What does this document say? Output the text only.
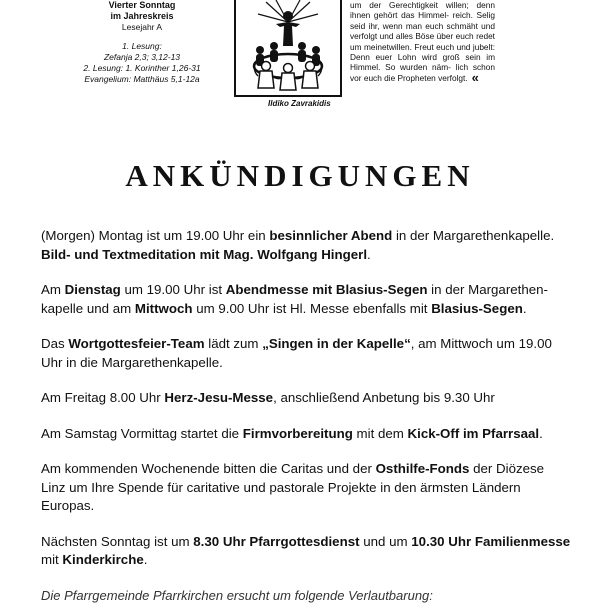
Vierter Sonntag
im Jahreskreis
Lesejahr A
1. Lesung:
Zefanja 2,3; 3,12-13
2. Lesung: 1. Korinther 1,26-31
Evangelium: Matthäus 5,1-12a
Ildiko Zavrakidis
um der Gerechtigkeit willen; denn ihnen gehört das Himmel- reich. Selig seid ihr, wenn man euch schmäht und verfolgt und alles Böse über euch redet um meinetwillen. Freut euch und jubelt: Denn euer Lohn wird groß sein im Himmel. So wurden näm- lich schon vor euch die Propheten verfolgt. «
ANKÜNDIGUNGEN

(Morgen) Montag ist um 19.00 Uhr ein besinnlicher Abend in der Margarethenkapelle. Bild- und Textmeditation mit Mag. Wolfgang Hingerl.

Am Dienstag um 19.00 Uhr ist Abendmesse mit Blasius-Segen in der Margarethen-kapelle und am Mittwoch um 9.00 Uhr ist Hl. Messe ebenfalls mit Blasius-Segen.

Das Wortgottesfeier-Team lädt zum „Singen in der Kapelle“, am Mittwoch um 19.00 Uhr in die Margarethenkapelle.

Am Freitag 8.00 Uhr Herz-Jesu-Messe, anschließend Anbetung bis 9.30 Uhr

Am Samstag Vormittag startet die Firmvorbereitung mit dem Kick-Off im Pfarrsaal.

Am kommenden Wochenende bitten die Caritas und der Osthilfe-Fonds der Diözese Linz um Ihre Spende für caritative und pastorale Projekte in den ärmsten Ländern Europas.

Nächsten Sonntag ist um 8.30 Uhr Pfarrgottesdienst und um 10.30 Uhr Familienmesse mit Kinderkirche.

Die Pfarrgemeinde Pfarrkirchen ersucht um folgende Verlautbarung:
